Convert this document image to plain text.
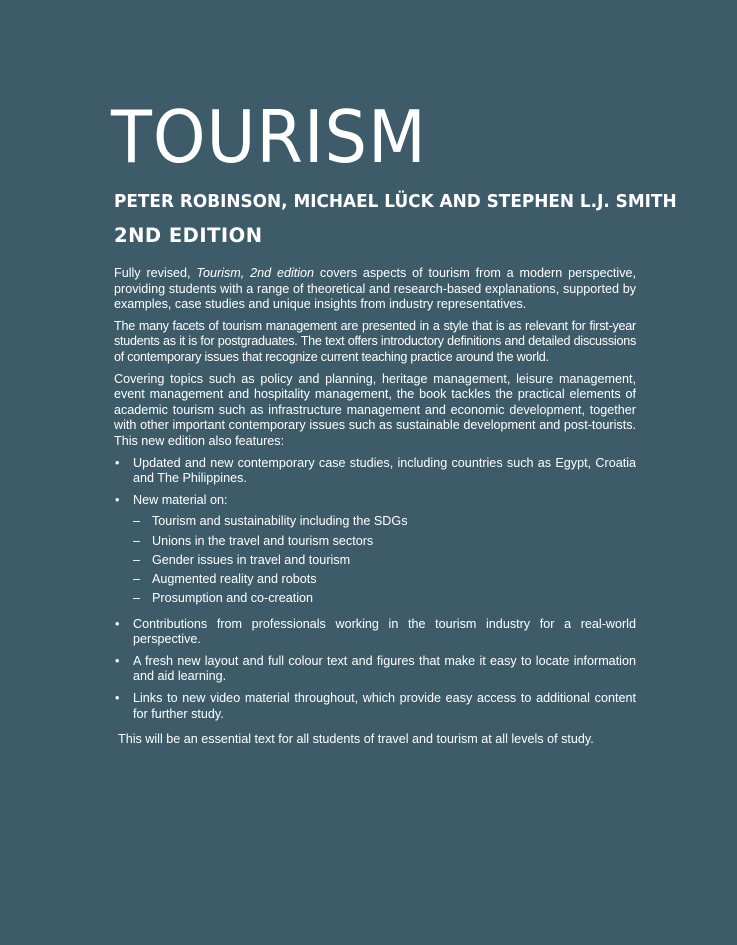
TOURISM
PETER ROBINSON, MICHAEL LÜCK AND STEPHEN L.J. SMITH
2ND EDITION

Fully revised, Tourism, 2nd edition covers aspects of tourism from a modern perspective, providing students with a range of theoretical and research-based explanations, supported by examples, case studies and unique insights from industry representatives.

The many facets of tourism management are presented in a style that is as relevant for first-year students as it is for postgraduates. The text offers introductory definitions and detailed discussions of contemporary issues that recognize current teaching practice around the world.

Covering topics such as policy and planning, heritage management, leisure management, event management and hospitality management, the book tackles the practical elements of academic tourism such as infrastructure management and economic development, together with other important contemporary issues such as sustainable development and post-tourists. This new edition also features:

• Updated and new contemporary case studies, including countries such as Egypt, Croatia and The Philippines.
• New material on:
– Tourism and sustainability including the SDGs
– Unions in the travel and tourism sectors
– Gender issues in travel and tourism
– Augmented reality and robots
– Prosumption and co-creation
• Contributions from professionals working in the tourism industry for a real-world perspective.
• A fresh new layout and full colour text and figures that make it easy to locate information and aid learning.
• Links to new video material throughout, which provide easy access to additional content for further study.
This will be an essential text for all students of travel and tourism at all levels of study.
